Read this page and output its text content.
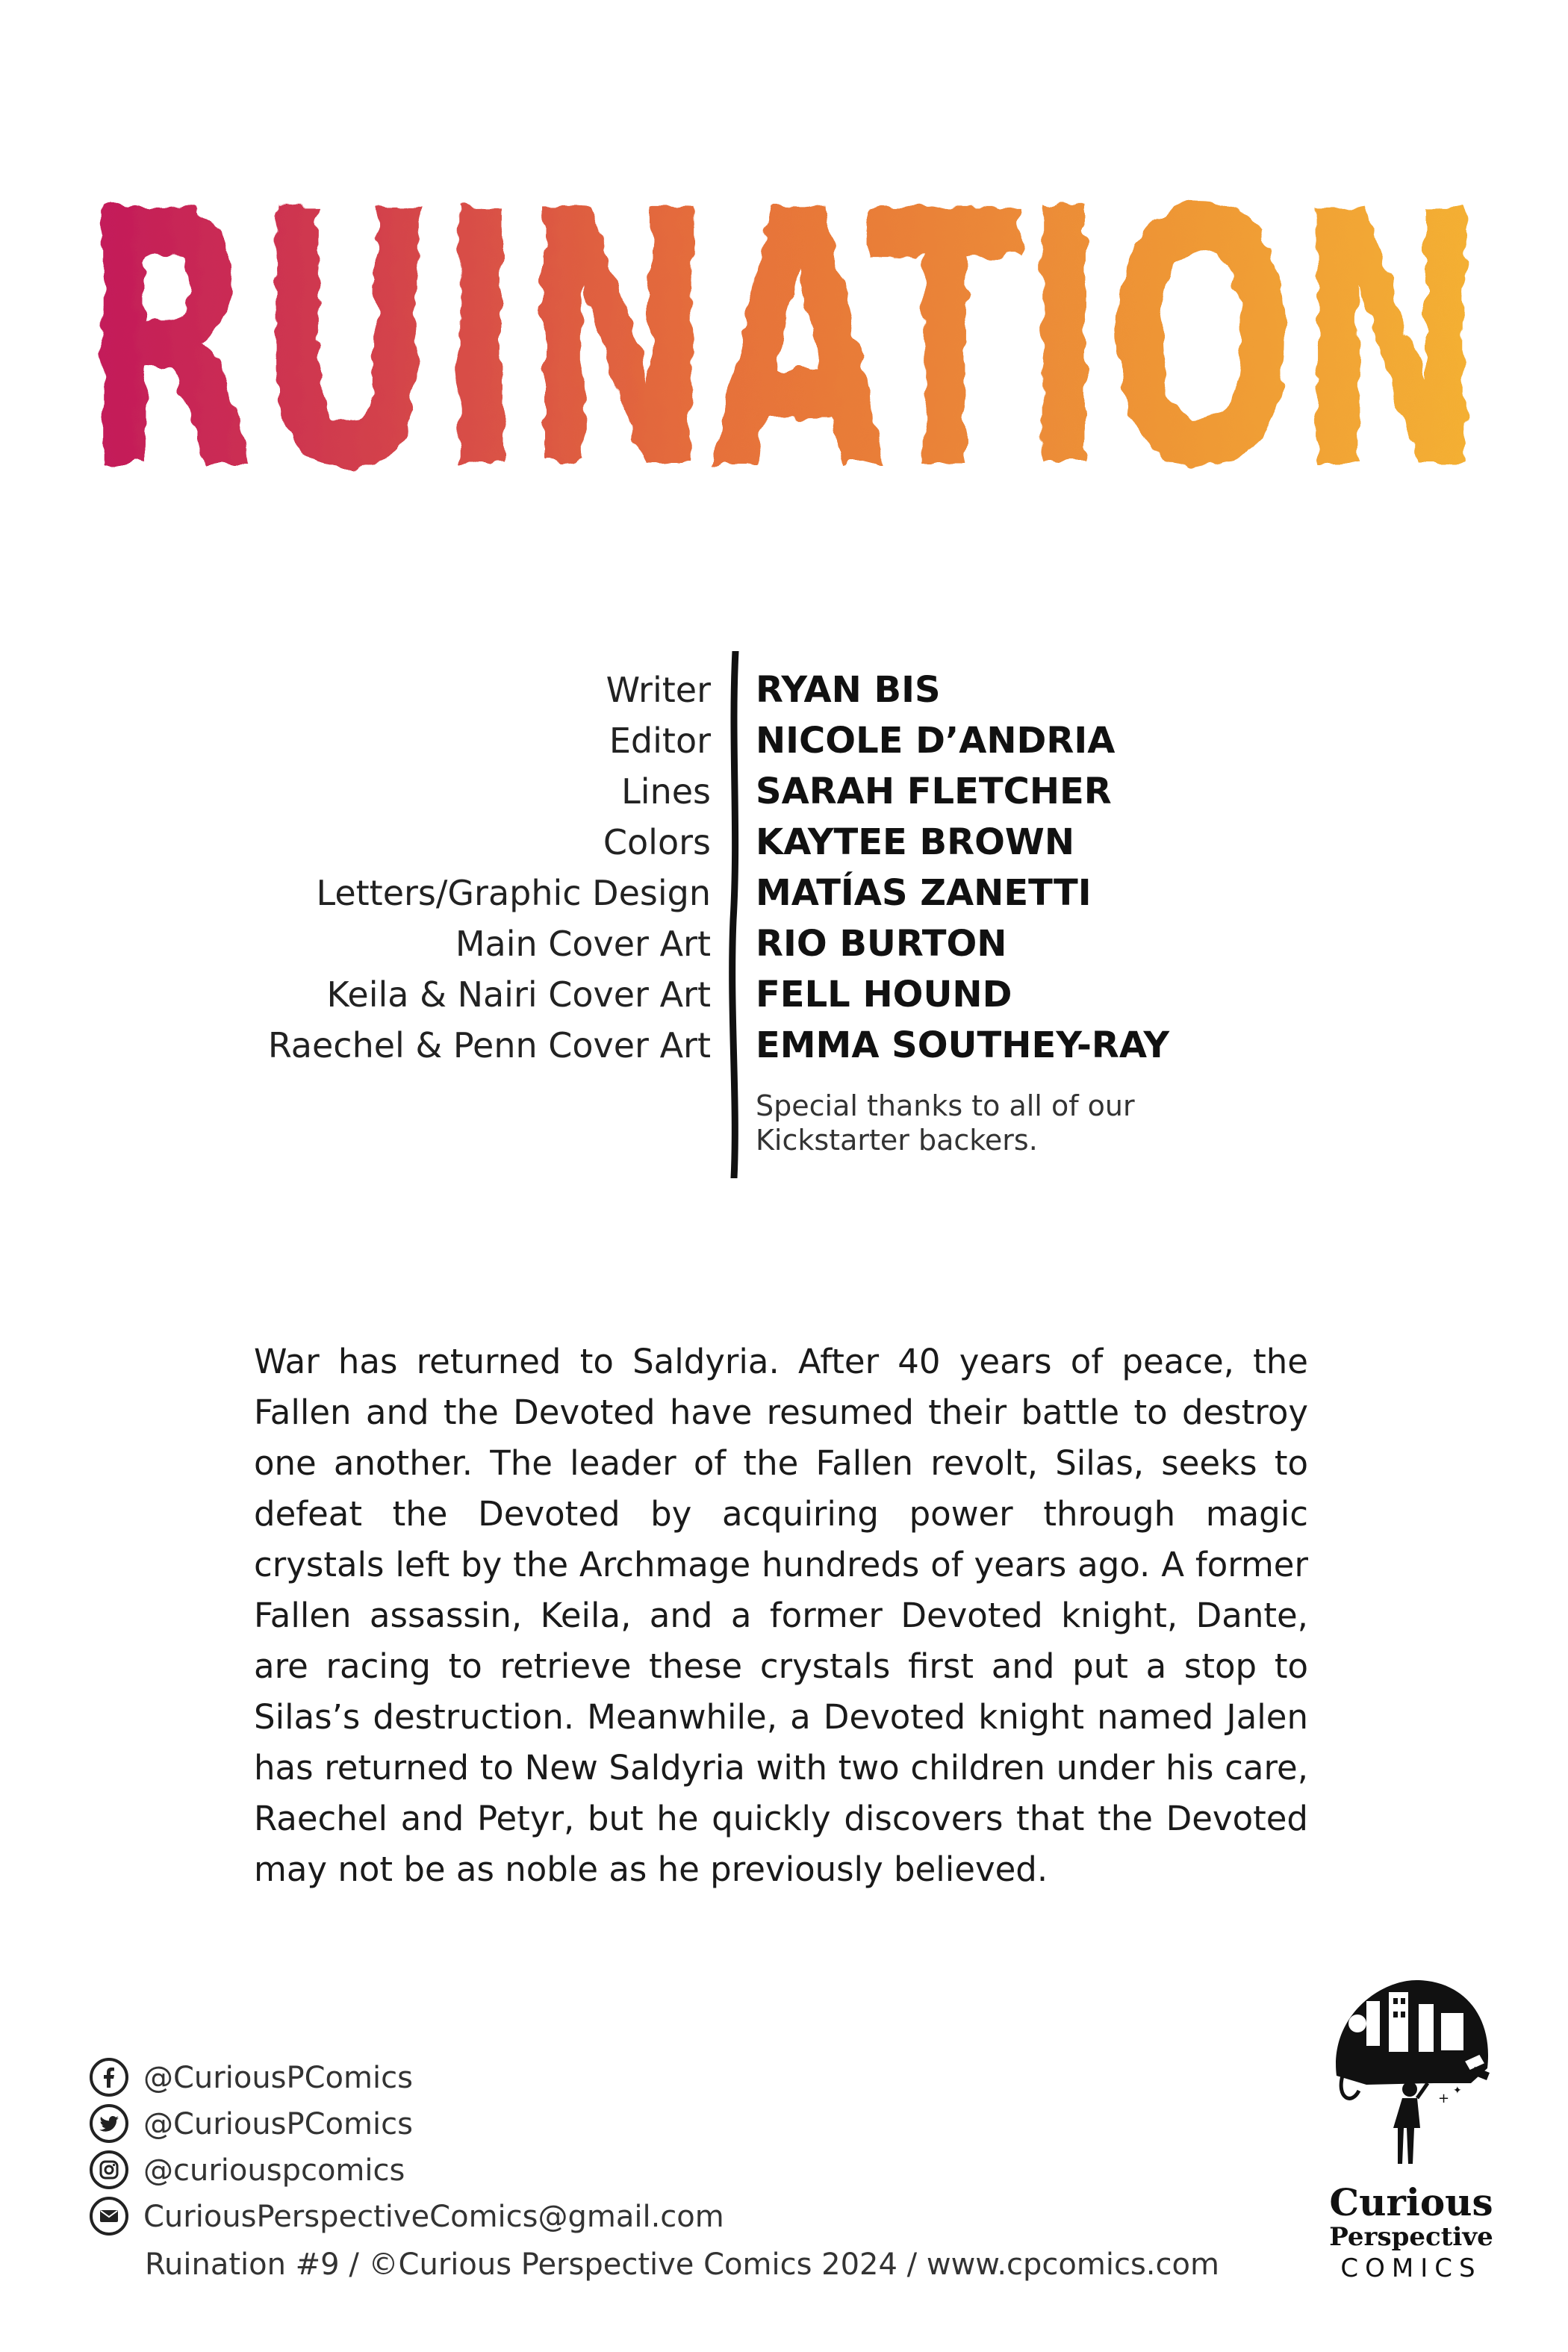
RUINATION
Writer RYAN BIS
Editor NICOLE D’ANDRIA
Lines SARAH FLETCHER
Colors KAYTEE BROWN
Letters/Graphic Design MATÍAS ZANETTI
Main Cover Art RIO BURTON
Keila & Nairi Cover Art FELL HOUND
Raechel & Penn Cover Art EMMA SOUTHEY-RAY
Special thanks to all of our Kickstarter backers.
War has returned to Saldyria. After 40 years of peace, the Fallen and the Devoted have resumed their battle to destroy one another. The leader of the Fallen revolt, Silas, seeks to defeat the Devoted by acquiring power through magic crystals left by the Archmage hundreds of years ago. A former Fallen assassin, Keila, and a former Devoted knight, Dante, are racing to retrieve these crystals first and put a stop to Silas’s destruction. Meanwhile, a Devoted knight named Jalen has returned to New Saldyria with two children under his care, Raechel and Petyr, but he quickly discovers that the Devoted may not be as noble as he previously believed.
@CuriousPComics
@CuriousPComics
@curiouspcomics
CuriousPerspectiveComics@gmail.com
Ruination #9 / ©Curious Perspective Comics 2024 / www.cpcomics.com
+ ✦
Curious
Perspective
COMICS
